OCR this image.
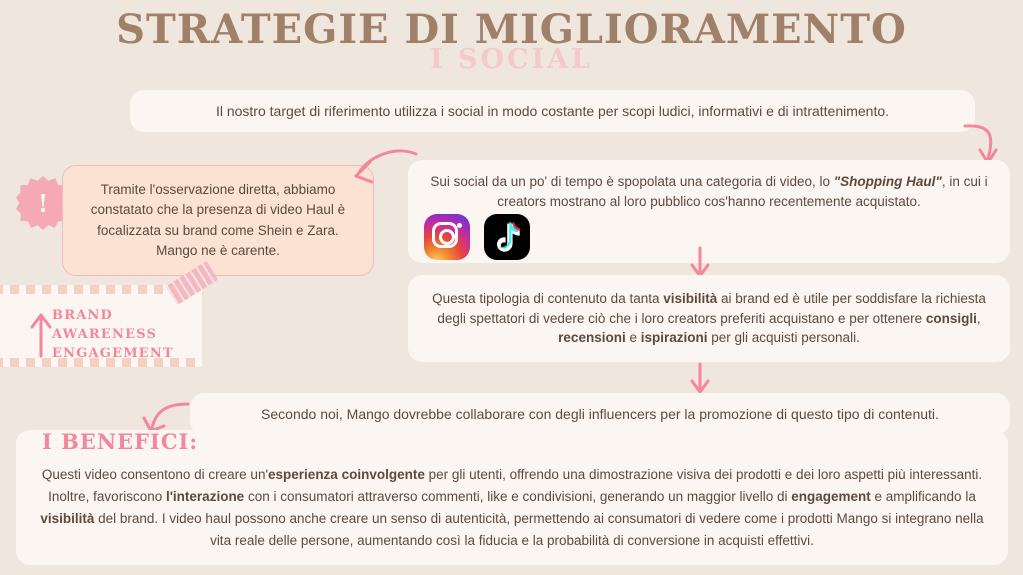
STRATEGIE DI MIGLIORAMENTO
I SOCIAL
Il nostro target di riferimento utilizza i social in modo costante per scopi ludici, informativi e di intrattenimento.
!	Tramite l'osservazione diretta, abbiamo constatato che la presenza di video Haul è focalizzata su brand come Shein e Zara. Mango ne è carente.
Sui social da un po' di tempo è spopolata una categoria di video, lo "Shopping Haul", in cui i creators mostrano al loro pubblico cos'hanno recentemente acquistato.
Questa tipologia di contenuto da tanta visibilità ai brand ed è utile per soddisfare la richiesta degli spettatori di vedere ciò che i loro creators preferiti acquistano e per ottenere consigli, recensioni e ispirazioni per gli acquisti personali.
Secondo noi, Mango dovrebbe collaborare con degli influencers per la promozione di questo tipo di contenuti.
BRAND AWARENESS
ENGAGEMENT
Questi video consentono di creare un'esperienza coinvolgente per gli utenti, offrendo una dimostrazione visiva dei prodotti e dei loro aspetti più interessanti. Inoltre, favoriscono l'interazione con i consumatori attraverso commenti, like e condivisioni, generando un maggior livello di engagement e amplificando la visibilità del brand. I video haul possono anche creare un senso di autenticità, permettendo ai consumatori di vedere come i prodotti Mango si integrano nella vita reale delle persone, aumentando così la fiducia e la probabilità di conversione in acquisti effettivi.
I BENEFICI:
